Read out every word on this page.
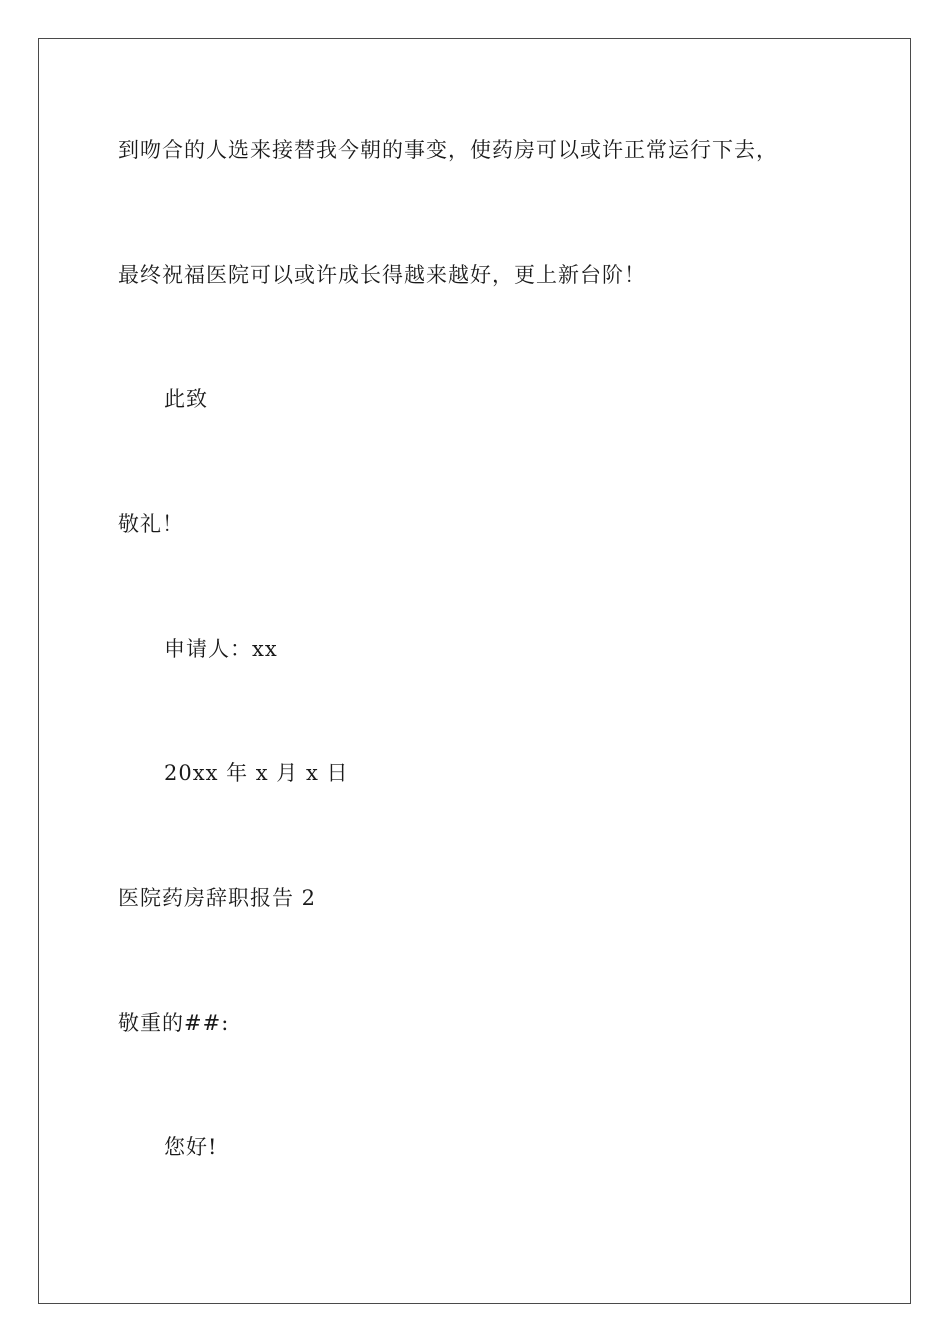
到吻合的人选来接替我今朝的事变，使药房可以或许正常运行下去，
最终祝福医院可以或许成长得越来越好，更上新台阶！
此致
敬礼！
申请人：xx
20xx 年 x 月 x 日
医院药房辞职报告 2
敬重的##:
您好!
